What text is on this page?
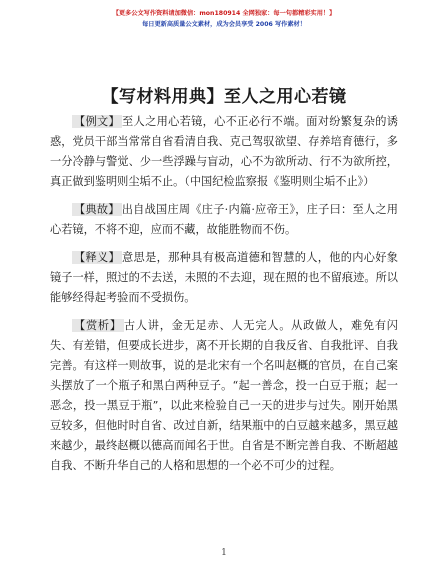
【更多公文写作资料请加微信：mon180914 全网独家：每一句都精彩实用！】
每日更新高质量公文素材，成为会员享受 2006 写作素材！
【写材料用典】至人之用心若镜

【例文】 至人之用心若镜，心不正必行不端。面对纷繁复杂的诱惑，党员干部当常常自省看清自我、克己驾驭欲望、存养培育德行，多一分冷静与警觉、少一些浮躁与盲动，心不为欲所动、行不为欲所控，真正做到鉴明则尘垢不止。（中国纪检监察报《鉴明则尘垢不止》）

【典故】 出自战国庄周《庄子·内篇·应帝王》，庄子曰：至人之用心若镜，不将不迎，应而不藏，故能胜物而不伤。

【释义】 意思是，那种具有极高道德和智慧的人，他的内心好象镜子一样，照过的不去送，未照的不去迎，现在照的也不留痕迹。所以能够经得起考验而不受损伤。

【赏析】 古人讲，金无足赤、人无完人。从政做人，难免有闪失、有差错，但要成长进步，离不开长期的自我反省、自我批评、自我完善。有这样一则故事，说的是北宋有一个名叫赵概的官员，在自己案头摆放了一个瓶子和黑白两种豆子。“起一善念，投一白豆于瓶；起一恶念，投一黑豆于瓶”，以此来检验自己一天的进步与过失。刚开始黑豆较多，但他时时自省、改过自新，结果瓶中的白豆越来越多，黑豆越来越少，最终赵概以德高而闻名于世。自省是不断完善自我、不断超越自我、不断升华自己的人格和思想的一个必不可少的过程。

1
